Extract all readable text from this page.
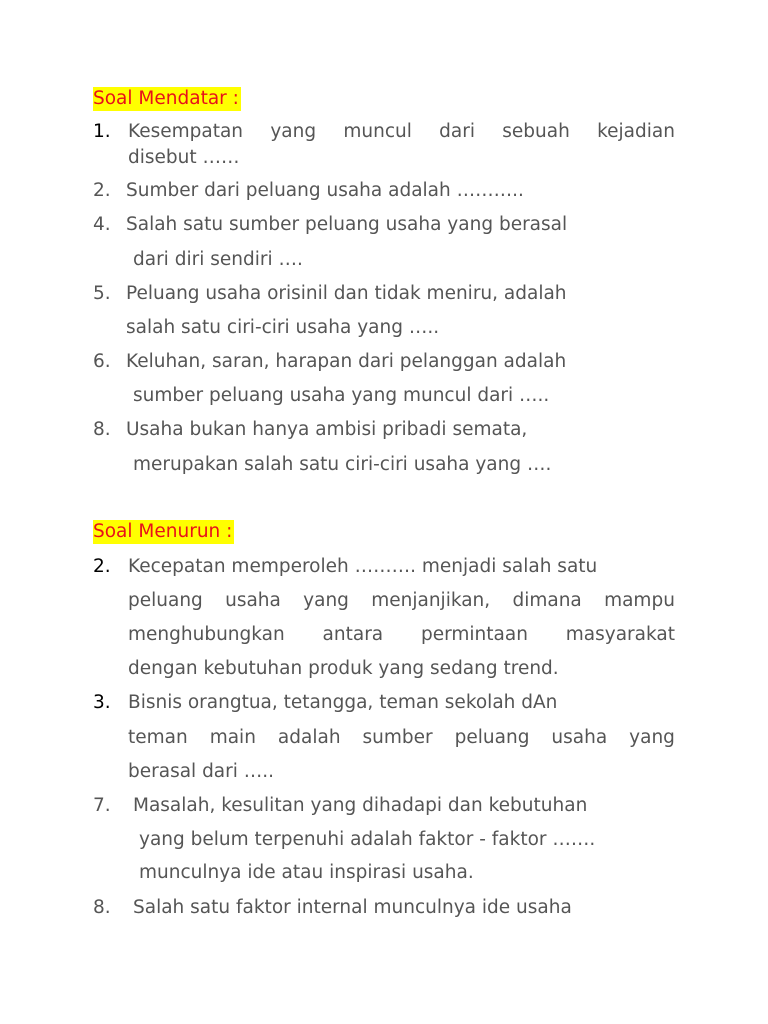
Soal Mendatar :
1. Kesempatan yang muncul dari sebuah kejadian
disebut ……
2. Sumber dari peluang usaha adalah ………..
4. Salah satu sumber peluang usaha yang berasal
dari diri sendiri ….
5. Peluang usaha orisinil dan tidak meniru, adalah
salah satu ciri-ciri usaha yang …..
6. Keluhan, saran, harapan dari pelanggan adalah
sumber peluang usaha yang muncul dari …..
8. Usaha bukan hanya ambisi pribadi semata,
merupakan salah satu ciri-ciri usaha yang ….
Soal Menurun :
2. Kecepatan memperoleh ………. menjadi salah satu
peluang usaha yang menjanjikan, dimana mampu
menghubungkan antara permintaan masyarakat
dengan kebutuhan produk yang sedang trend.
3. Bisnis orangtua, tetangga, teman sekolah dAn
teman main adalah sumber peluang usaha yang
berasal dari …..
7. Masalah, kesulitan yang dihadapi dan kebutuhan
yang belum terpenuhi adalah faktor - faktor …….
munculnya ide atau inspirasi usaha.
8. Salah satu faktor internal munculnya ide usaha
